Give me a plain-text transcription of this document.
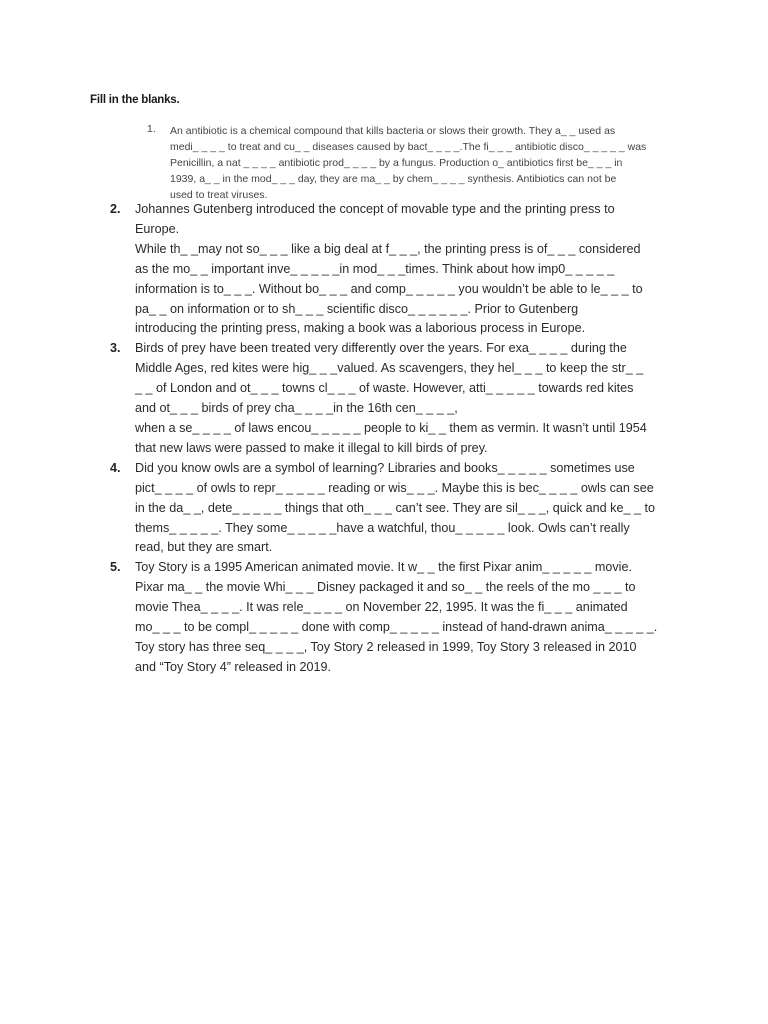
Fill in the blanks.
1. An antibiotic is a chemical compound that kills bacteria or slows their growth. They a_ _ used as
medi_ _ _ _ to treat and cu_ _ diseases caused by bact_ _ _ _.The fi_ _ _ antibiotic disco_ _ _ _ _ was
Penicillin, a nat _ _ _ _ antibiotic prod_ _ _ _ by a fungus. Production o_ antibiotics first be_ _ _ in
1939, a_ _ in the mod_ _ _ day, they are ma_ _ by chem_ _ _ _ synthesis. Antibiotics can not be
used to treat viruses.
2.	Johannes Gutenberg introduced the concept of movable type and the printing press to
Europe.
While th_ _may not so_ _ _ like a big deal at f_ _ _, the printing press is of_ _ _ considered
as the mo_ _ important inve_ _ _ _ _in mod_ _ _times. Think about how imp0_ _ _ _ _
information is to_ _ _. Without bo_ _ _ and comp_ _ _ _ _ you wouldn’t be able to le_ _ _ to
pa_ _ on information or to sh_ _ _ scientific disco_ _ _ _ _ _. Prior to Gutenberg
introducing the printing press, making a book was a laborious process in Europe.
3.	Birds of prey have been treated very differently over the years. For exa_ _ _ _ during the
Middle Ages, red kites were hig_ _ _valued. As scavengers, they hel_ _ _ to keep the str_ _
_ _ of London and ot_ _ _ towns cl_ _ _ of waste. However, atti_ _ _ _ _ towards red kites
and ot_ _ _ birds of prey cha_ _ _ _in the 16th cen_ _ _ _,
when a se_ _ _ _ of laws encou_ _ _ _ _ people to ki_ _ them as vermin. It wasn’t until 1954
that new laws were passed to make it illegal to kill birds of prey.
4.	Did you know owls are a symbol of learning? Libraries and books_ _ _ _ _ sometimes use
pict_ _ _ _ of owls to repr_ _ _ _ _ reading or wis_ _ _. Maybe this is bec_ _ _ _ owls can see
in the da_ _, dete_ _ _ _ _ things that oth_ _ _ can’t see. They are sil_ _ _, quick and ke_ _ to
thems_ _ _ _ _. They some_ _ _ _ _have a watchful, thou_ _ _ _ _ look. Owls can’t really
read, but they are smart.
5.	Toy Story is a 1995 American animated movie. It w_ _ the first Pixar anim_ _ _ _ _ movie.
Pixar ma_ _ the movie Whi_ _ _ Disney packaged it and so_ _ the reels of the mo _ _ _ to
movie Thea_ _ _ _. It was rele_ _ _ _ on November 22, 1995. It was the fi_ _ _ animated
mo_ _ _ to be compl_ _ _ _ _ done with comp_ _ _ _ _ instead of hand-drawn anima_ _ _ _ _.
Toy story has three seq_ _ _ _, Toy Story 2 released in 1999, Toy Story 3 released in 2010
and “Toy Story 4” released in 2019.
